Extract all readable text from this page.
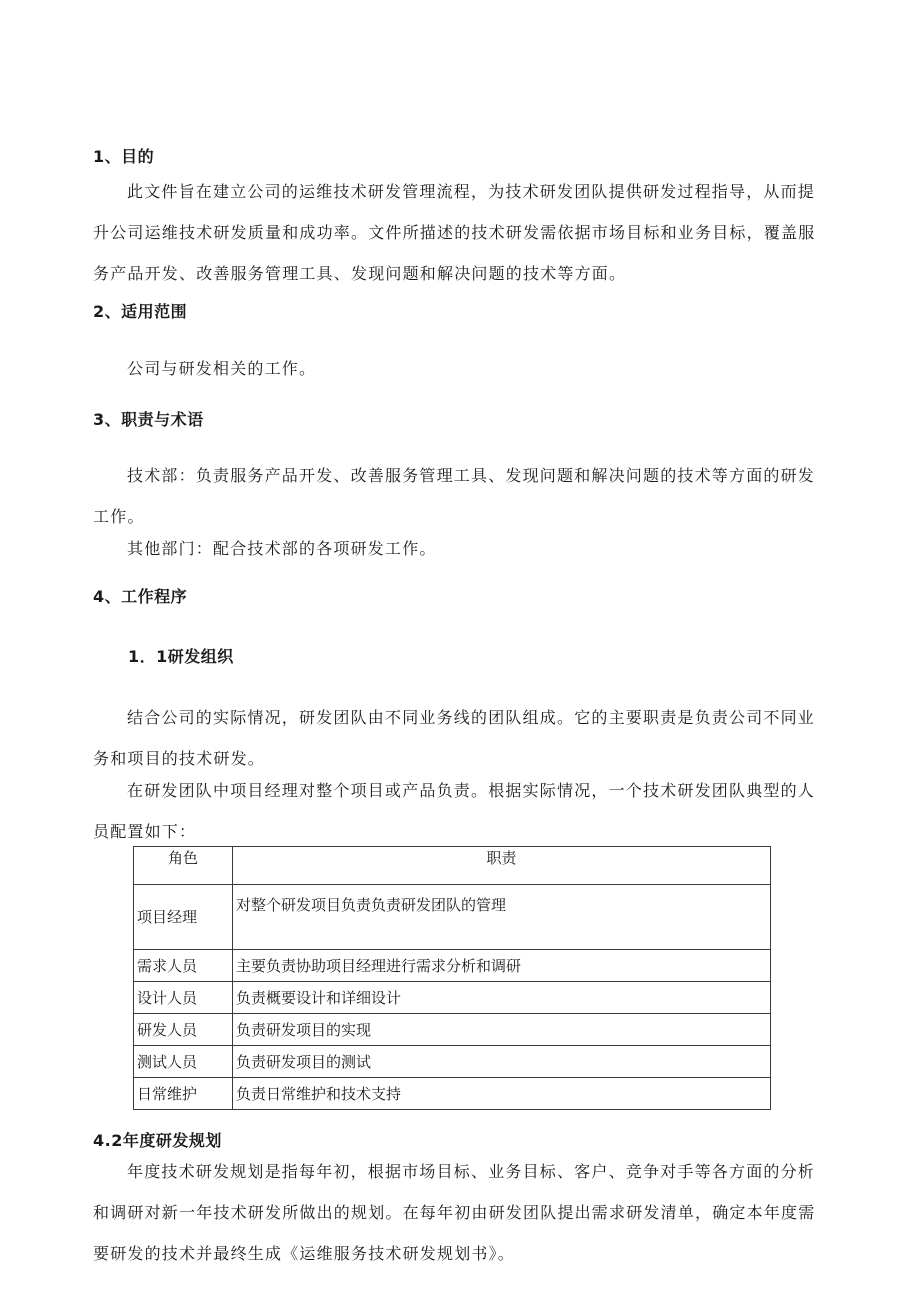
1、目的

此文件旨在建立公司的运维技术研发管理流程，为技术研发团队提供研发过程指导，从而提升公司运维技术研发质量和成功率。文件所描述的技术研发需依据市场目标和业务目标，覆盖服务产品开发、改善服务管理工具、发现问题和解决问题的技术等方面。

2、适用范围

公司与研发相关的工作。

3、职责与术语

技术部：负责服务产品开发、改善服务管理工具、发现问题和解决问题的技术等方面的研发工作。

其他部门：配合技术部的各项研发工作。

4、工作程序
1．1研发组织

结合公司的实际情况，研发团队由不同业务线的团队组成。它的主要职责是负责公司不同业务和项目的技术研发。

在研发团队中项目经理对整个项目或产品负责。根据实际情况，一个技术研发团队典型的人员配置如下：

角色	职责
项目经理	对整个研发项目负责负责研发团队的管理
需求人员	主要负责协助项目经理进行需求分析和调研
设计人员	负责概要设计和详细设计
研发人员	负责研发项目的实现
测试人员	负责研发项目的测试
日常维护	负责日常维护和技术支持
4.2年度研发规划

年度技术研发规划是指每年初，根据市场目标、业务目标、客户、竞争对手等各方面的分析和调研对新一年技术研发所做出的规划。在每年初由研发团队提出需求研发清单，确定本年度需要研发的技术并最终生成《运维服务技术研发规划书》。
